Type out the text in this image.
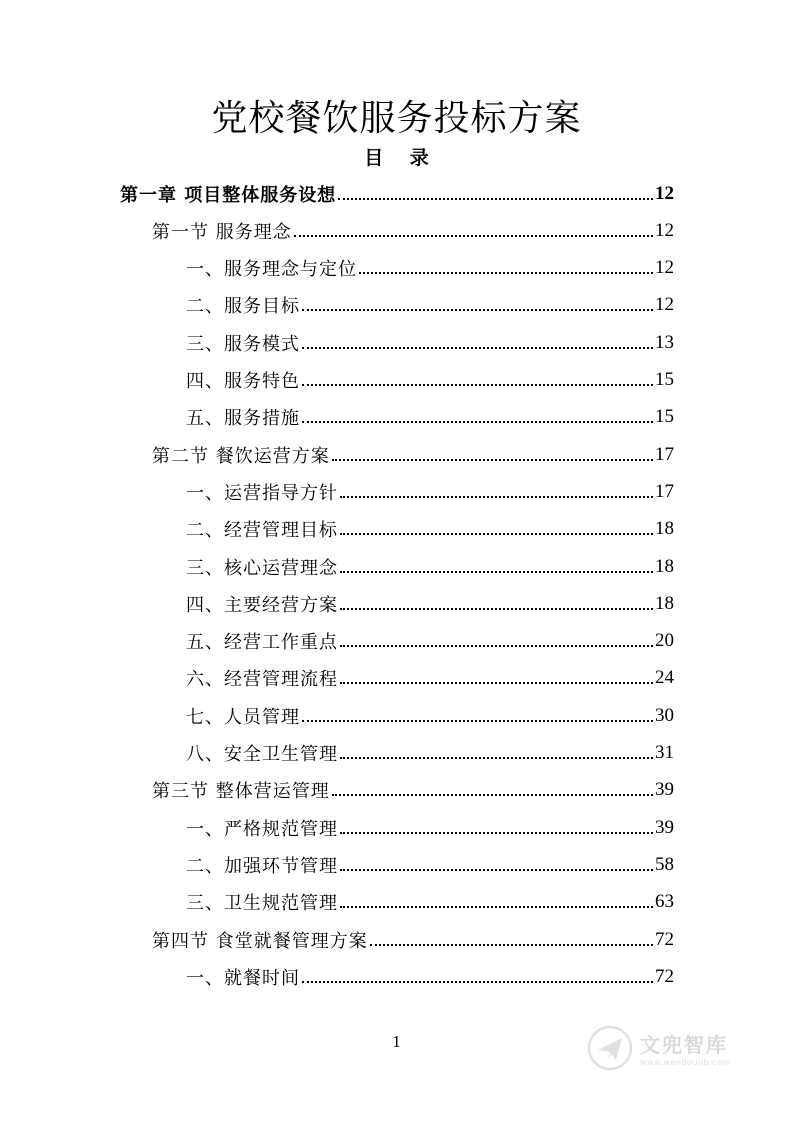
党校餐饮服务投标方案
目 录
第一章 项目整体服务设想	12
第一节 服务理念	12
一、服务理念与定位	12
二、服务目标	12
三、服务模式	13
四、服务特色	15
五、服务措施	15
第二节 餐饮运营方案	17
一、运营指导方针	17
二、经营管理目标	18
三、核心运营理念	18
四、主要经营方案	18
五、经营工作重点	20
六、经营管理流程	24
七、人员管理	30
八、安全卫生管理	31
第三节 整体营运管理	39
一、严格规范管理	39
二、加强环节管理	58
三、卫生规范管理	63
第四节 食堂就餐管理方案	72
一、就餐时间	72
1	文兜智库
www.wendoulib.com
